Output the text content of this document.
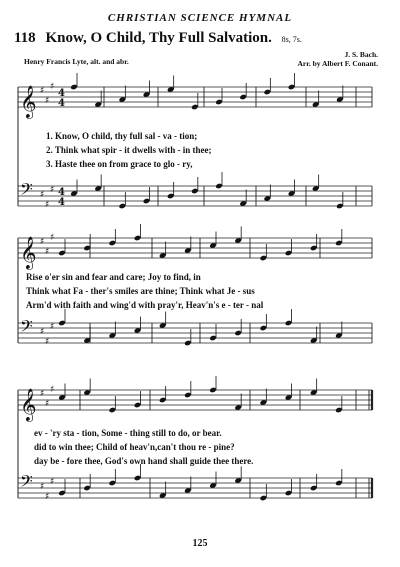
CHRISTIAN SCIENCE HYMNAL
118 Know, O Child, Thy Full Salvation. 8s, 7s.
Henry Francis Lyte, alt. and abr.
J. S. Bach.
Arr. by Albert F. Conant.
𝄞 ♯
♯
♯
4
4
𝄢 ♯
♯
♯ 4
4
𝄞 ♯
♯
♯
𝄢 ♯
♯
♯
𝄞 ♯
♯
♯
𝄢 ♯
♯
♯
1. Know, O child, thy full sal - va - tion;
2. Think what spir - it dwells with - in thee;
3. Haste thee on from grace to glo - ry,
Rise o'er sin and fear and care; Joy to find, in
Think what Fa - ther's smiles are thine; Think what Je - sus
Arm'd with faith and wing'd with pray'r, Heav'n's e - ter - nal
ev - 'ry sta - tion, Some - thing still to do, or bear.
did to win thee; Child of heav'n,can't thou re - pine?
day be - fore thee, God's own hand shall guide thee there.
125
